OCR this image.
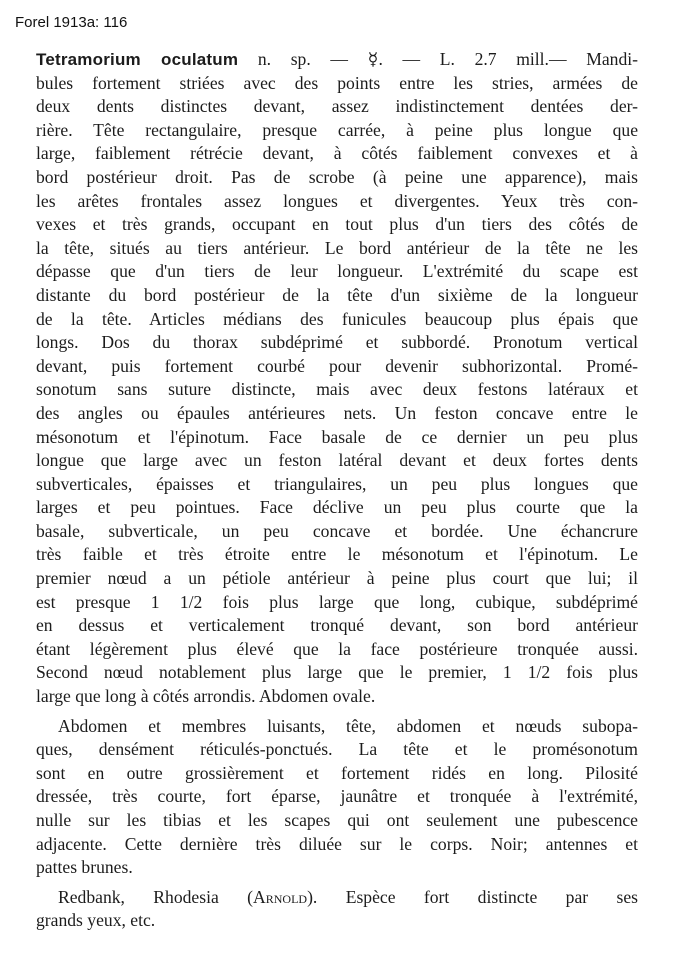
Forel 1913a: 116
Tetramorium oculatum n. sp. — ☿. — L. 2.7 mill.— Mandi-
bules fortement striées avec des points entre les stries, armées de
deux dents distinctes devant, assez indistinctement dentées der-
rière. Tête rectangulaire, presque carrée, à peine plus longue que
large, faiblement rétrécie devant, à côtés faiblement convexes et à
bord postérieur droit. Pas de scrobe (à peine une apparence), mais
les arêtes frontales assez longues et divergentes. Yeux très con-
vexes et très grands, occupant en tout plus d'un tiers des côtés de
la tête, situés au tiers antérieur. Le bord antérieur de la tête ne les
dépasse que d'un tiers de leur longueur. L'extrémité du scape est
distante du bord postérieur de la tête d'un sixième de la longueur
de la tête. Articles médians des funicules beaucoup plus épais que
longs. Dos du thorax subdéprimé et subbordé. Pronotum vertical
devant, puis fortement courbé pour devenir subhorizontal. Promé-
sonotum sans suture distincte, mais avec deux festons latéraux et
des angles ou épaules antérieures nets. Un feston concave entre le
mésonotum et l'épinotum. Face basale de ce dernier un peu plus
longue que large avec un feston latéral devant et deux fortes dents
subverticales, épaisses et triangulaires, un peu plus longues que
larges et peu pointues. Face déclive un peu plus courte que la
basale, subverticale, un peu concave et bordée. Une échancrure
très faible et très étroite entre le mésonotum et l'épinotum. Le
premier nœud a un pétiole antérieur à peine plus court que lui; il
est presque 1 1/2 fois plus large que long, cubique, subdéprimé
en dessus et verticalement tronqué devant, son bord antérieur
étant légèrement plus élevé que la face postérieure tronquée aussi.
Second nœud notablement plus large que le premier, 1 1/2 fois plus
large que long à côtés arrondis. Abdomen ovale.
Abdomen et membres luisants, tête, abdomen et nœuds subopa-
ques, densément réticulés-ponctués. La tête et le promésonotum
sont en outre grossièrement et fortement ridés en long. Pilosité
dressée, très courte, fort éparse, jaunâtre et tronquée à l'extrémité,
nulle sur les tibias et les scapes qui ont seulement une pubescence
adjacente. Cette dernière très diluée sur le corps. Noir; antennes et
pattes brunes.
Redbank, Rhodesia (Arnold). Espèce fort distincte par ses
grands yeux, etc.
